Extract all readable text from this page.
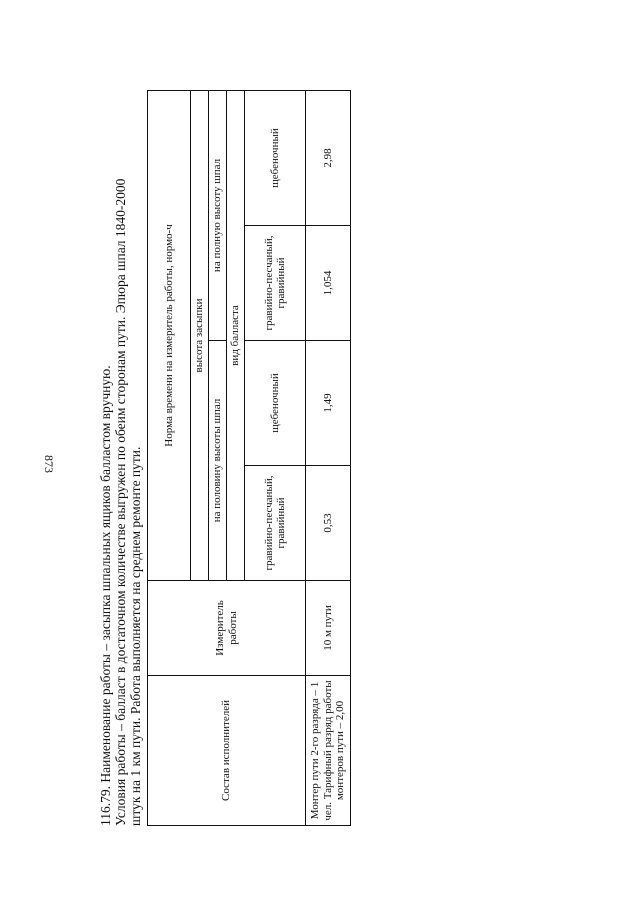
873	116.79. Наименование работы – засыпка шпальных ящиков балластом вручную. Условия работы – балласт в достаточном количестве выгружен по обеим сторонам пути. Эпюра шпал 1840-2000 штук на 1 км пути. Работа выполняется на среднем ремонте пути.	Состав исполнителей	Измеритель работы	Норма времени на измеритель работы, нормо-ч			
		высота засыпки			
		на половину высоты шпал		на полную высоту шпал	
		вид балласта			
		гравийно-песчаный, гравийный	щебеночный	гравийно-песчаный, гравийный	щебеночный
Монтер пути 2-го разряда – 1 чел. Тарифный разряд работы монтеров пути – 2,00	10 м пути	0,53	1,49	1,054	2,98
